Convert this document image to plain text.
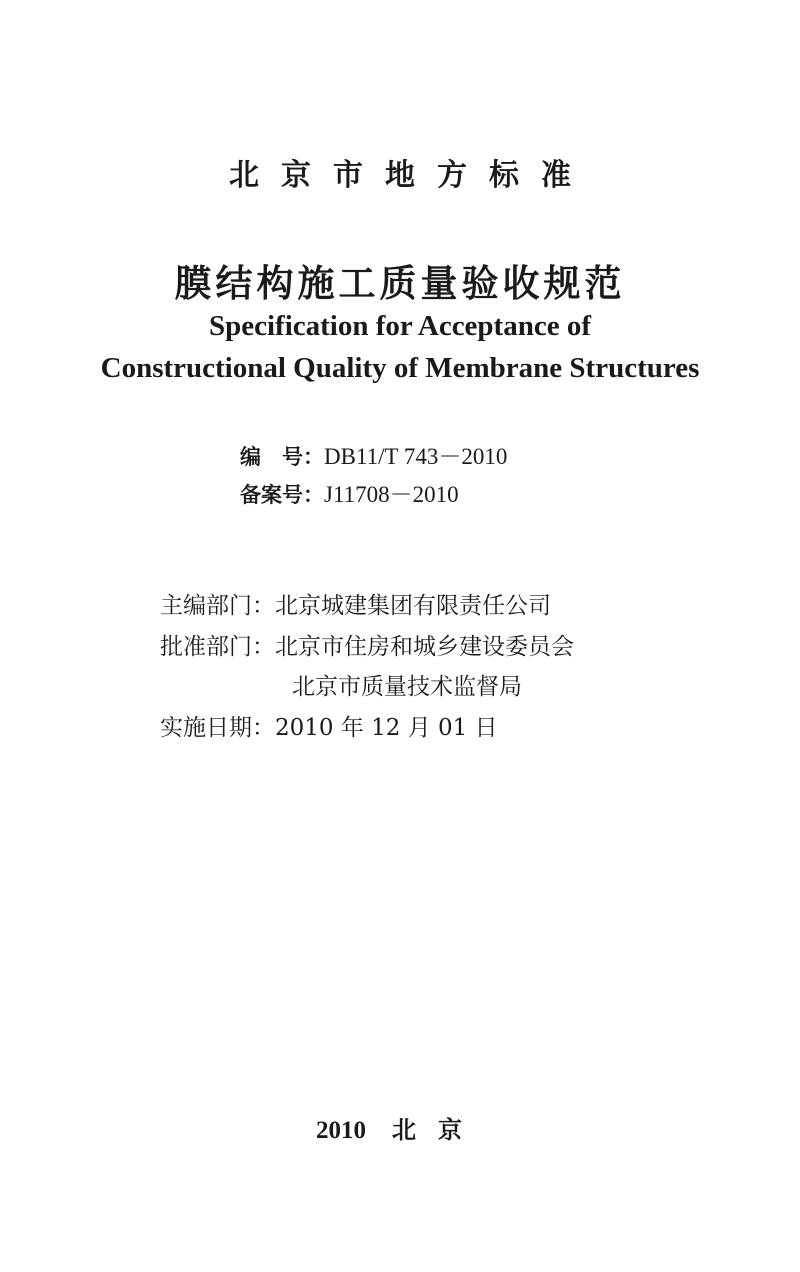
北京市地方标准
膜结构施工质量验收规范
Specification for Acceptance of
Constructional Quality of Membrane Structures
编　号：DB11/T 743－2010
备案号：J11708－2010
主编部门：北京城建集团有限责任公司
批准部门：北京市住房和城乡建设委员会
北京市质量技术监督局
实施日期：2010 年 12 月 01 日
2010 北京
